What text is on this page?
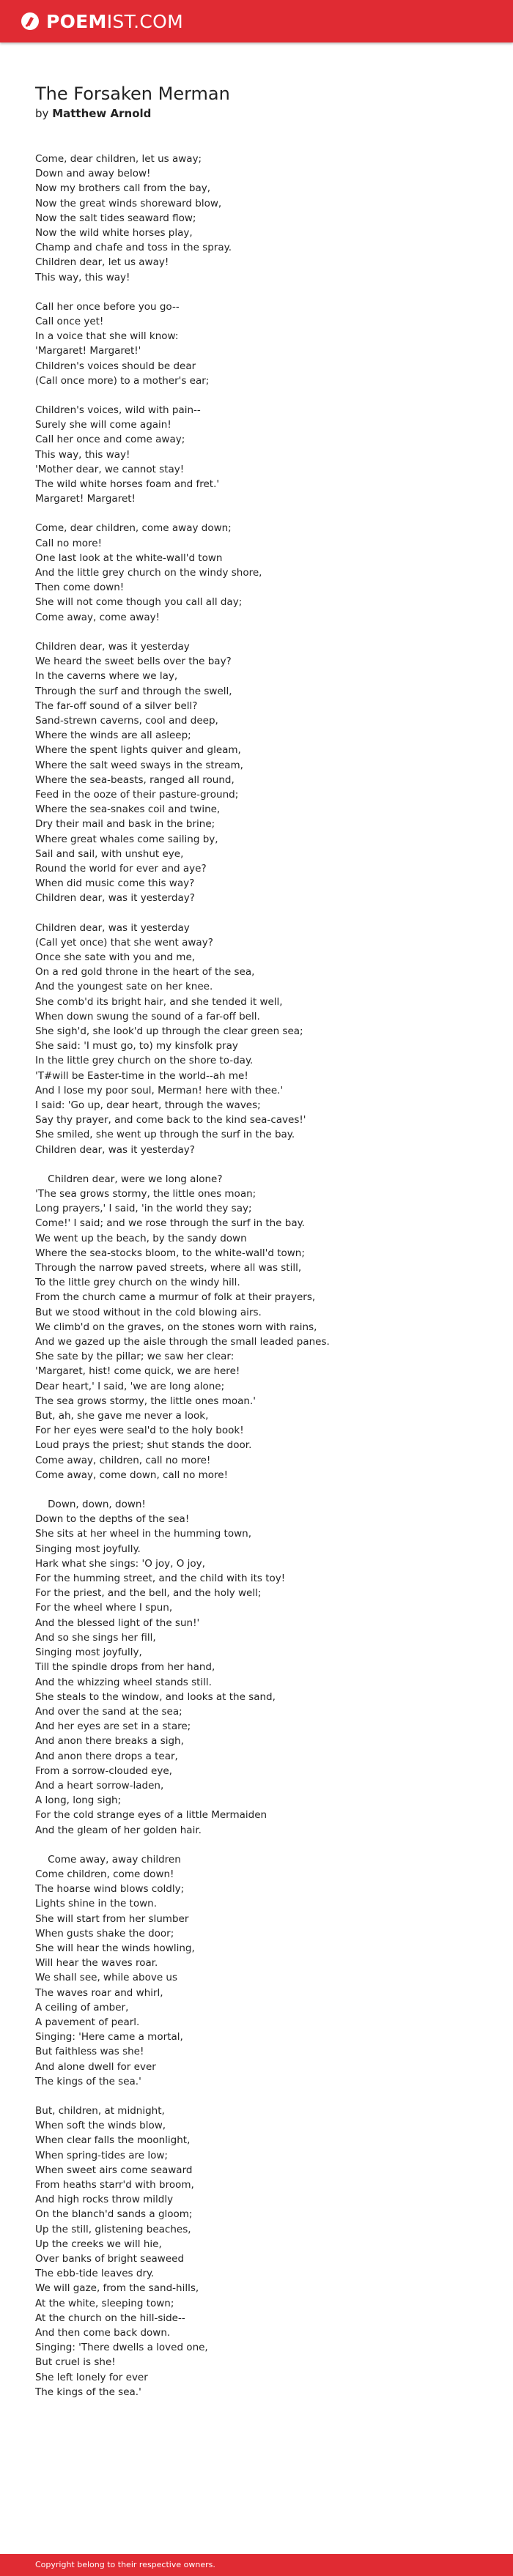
POEMIST.COM
The Forsaken Merman
by Matthew Arnold
Come, dear children, let us away;
Down and away below!
Now my brothers call from the bay,
Now the great winds shoreward blow,
Now the salt tides seaward flow;
Now the wild white horses play,
Champ and chafe and toss in the spray.
Children dear, let us away!
This way, this way!
Call her once before you go--
Call once yet!
In a voice that she will know:
'Margaret! Margaret!'
Children's voices should be dear
(Call once more) to a mother's ear;
Children's voices, wild with pain--
Surely she will come again!
Call her once and come away;
This way, this way!
'Mother dear, we cannot stay!
The wild white horses foam and fret.'
Margaret! Margaret!
Come, dear children, come away down;
Call no more!
One last look at the white-wall'd town
And the little grey church on the windy shore,
Then come down!
She will not come though you call all day;
Come away, come away!
Children dear, was it yesterday
We heard the sweet bells over the bay?
In the caverns where we lay,
Through the surf and through the swell,
The far-off sound of a silver bell?
Sand-strewn caverns, cool and deep,
Where the winds are all asleep;
Where the spent lights quiver and gleam,
Where the salt weed sways in the stream,
Where the sea-beasts, ranged all round,
Feed in the ooze of their pasture-ground;
Where the sea-snakes coil and twine,
Dry their mail and bask in the brine;
Where great whales come sailing by,
Sail and sail, with unshut eye,
Round the world for ever and aye?
When did music come this way?
Children dear, was it yesterday?
Children dear, was it yesterday
(Call yet once) that she went away?
Once she sate with you and me,
On a red gold throne in the heart of the sea,
And the youngest sate on her knee.
She comb'd its bright hair, and she tended it well,
When down swung the sound of a far-off bell.
She sigh'd, she look'd up through the clear green sea;
She said: 'I must go, to) my kinsfolk pray
In the little grey church on the shore to-day.
'T#will be Easter-time in the world--ah me!
And I lose my poor soul, Merman! here with thee.'
I said: 'Go up, dear heart, through the waves;
Say thy prayer, and come back to the kind sea-caves!'
She smiled, she went up through the surf in the bay.
Children dear, was it yesterday?
Children dear, were we long alone?
'The sea grows stormy, the little ones moan;
Long prayers,' I said, 'in the world they say;
Come!' I said; and we rose through the surf in the bay.
We went up the beach, by the sandy down
Where the sea-stocks bloom, to the white-wall'd town;
Through the narrow paved streets, where all was still,
To the little grey church on the windy hill.
From the church came a murmur of folk at their prayers,
But we stood without in the cold blowing airs.
We climb'd on the graves, on the stones worn with rains,
And we gazed up the aisle through the small leaded panes.
She sate by the pillar; we saw her clear:
'Margaret, hist! come quick, we are here!
Dear heart,' I said, 'we are long alone;
The sea grows stormy, the little ones moan.'
But, ah, she gave me never a look,
For her eyes were seal'd to the holy book!
Loud prays the priest; shut stands the door.
Come away, children, call no more!
Come away, come down, call no more!
Down, down, down!
Down to the depths of the sea!
She sits at her wheel in the humming town,
Singing most joyfully.
Hark what she sings: 'O joy, O joy,
For the humming street, and the child with its toy!
For the priest, and the bell, and the holy well;
For the wheel where I spun,
And the blessed light of the sun!'
And so she sings her fill,
Singing most joyfully,
Till the spindle drops from her hand,
And the whizzing wheel stands still.
She steals to the window, and looks at the sand,
And over the sand at the sea;
And her eyes are set in a stare;
And anon there breaks a sigh,
And anon there drops a tear,
From a sorrow-clouded eye,
And a heart sorrow-laden,
A long, long sigh;
For the cold strange eyes of a little Mermaiden
And the gleam of her golden hair.
Come away, away children
Come children, come down!
The hoarse wind blows coldly;
Lights shine in the town.
She will start from her slumber
When gusts shake the door;
She will hear the winds howling,
Will hear the waves roar.
We shall see, while above us
The waves roar and whirl,
A ceiling of amber,
A pavement of pearl.
Singing: 'Here came a mortal,
But faithless was she!
And alone dwell for ever
The kings of the sea.'
But, children, at midnight,
When soft the winds blow,
When clear falls the moonlight,
When spring-tides are low;
When sweet airs come seaward
From heaths starr'd with broom,
And high rocks throw mildly
On the blanch'd sands a gloom;
Up the still, glistening beaches,
Up the creeks we will hie,
Over banks of bright seaweed
The ebb-tide leaves dry.
We will gaze, from the sand-hills,
At the white, sleeping town;
At the church on the hill-side--
And then come back down.
Singing: 'There dwells a loved one,
But cruel is she!
She left lonely for ever
The kings of the sea.'
Copyright belong to their respective owners.
